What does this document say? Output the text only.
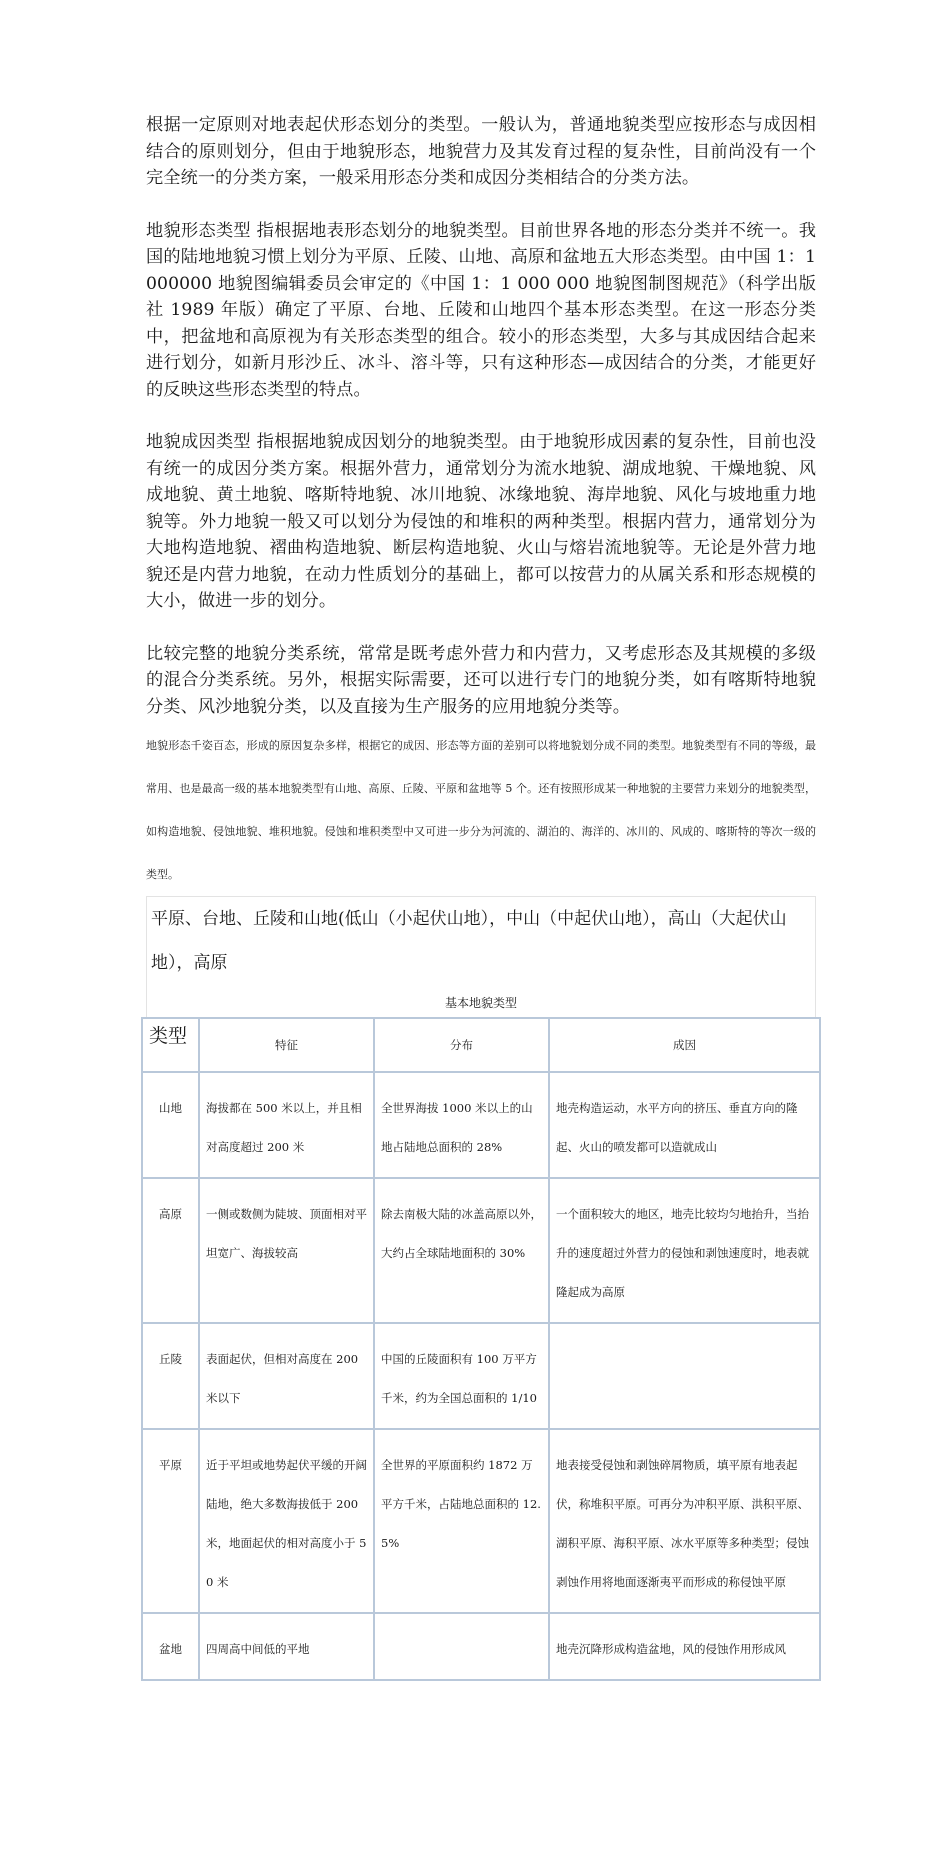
根据一定原则对地表起伏形态划分的类型。一般认为，普通地貌类型应按形态与成因相结合的原则划分，但由于地貌形态，地貌营力及其发育过程的复杂性，目前尚没有一个完全统一的分类方案，一般采用形态分类和成因分类相结合的分类方法。

地貌形态类型 指根据地表形态划分的地貌类型。目前世界各地的形态分类并不统一。我国的陆地地貌习惯上划分为平原、丘陵、山地、高原和盆地五大形态类型。由中国 1：1 000000 地貌图编辑委员会审定的《中国 1：1 000 000 地貌图制图规范》（科学出版社 1989 年版）确定了平原、台地、丘陵和山地四个基本形态类型。在这一形态分类中，把盆地和高原视为有关形态类型的组合。较小的形态类型，大多与其成因结合起来进行划分，如新月形沙丘、冰斗、溶斗等，只有这种形态—成因结合的分类，才能更好的反映这些形态类型的特点。

地貌成因类型 指根据地貌成因划分的地貌类型。由于地貌形成因素的复杂性，目前也没有统一的成因分类方案。根据外营力，通常划分为流水地貌、湖成地貌、干燥地貌、风成地貌、黄土地貌、喀斯特地貌、冰川地貌、冰缘地貌、海岸地貌、风化与坡地重力地貌等。外力地貌一般又可以划分为侵蚀的和堆积的两种类型。根据内营力，通常划分为大地构造地貌、褶曲构造地貌、断层构造地貌、火山与熔岩流地貌等。无论是外营力地貌还是内营力地貌，在动力性质划分的基础上，都可以按营力的从属关系和形态规模的大小，做进一步的划分。

比较完整的地貌分类系统，常常是既考虑外营力和内营力，又考虑形态及其规模的多级的混合分类系统。另外，根据实际需要，还可以进行专门的地貌分类，如有喀斯特地貌分类、风沙地貌分类，以及直接为生产服务的应用地貌分类等。

地貌形态千姿百态，形成的原因复杂多样，根据它的成因、形态等方面的差别可以将地貌划分成不同的类型。地貌类型有不同的等级，最常用、也是最高一级的基本地貌类型有山地、高原、丘陵、平原和盆地等 5 个。还有按照形成某一种地貌的主要营力来划分的地貌类型，如构造地貌、侵蚀地貌、堆积地貌。侵蚀和堆积类型中又可进一步分为河流的、湖泊的、海洋的、冰川的、风成的、喀斯特的等次一级的类型。

平原、台地、丘陵和山地(低山（小起伏山地），中山（中起伏山地），高山（大起伏山地），高原

基本地貌类型
类型	特征	分布	成因
山地	海拔都在 500 米以上，并且相对高度超过 200 米	全世界海拔 1000 米以上的山地占陆地总面积的 28%	地壳构造运动，水平方向的挤压、垂直方向的隆起、火山的喷发都可以造就成山
高原	一侧或数侧为陡坡、顶面相对平坦宽广、海拔较高	除去南极大陆的冰盖高原以外，大约占全球陆地面积的 30%	一个面积较大的地区，地壳比较均匀地抬升，当抬升的速度超过外营力的侵蚀和剥蚀速度时，地表就隆起成为高原
丘陵	表面起伏，但相对高度在 200 米以下	中国的丘陵面积有 100 万平方千米，约为全国总面积的 1/10	
平原	近于平坦或地势起伏平缓的开阔陆地，绝大多数海拔低于 200 米，地面起伏的相对高度小于 50 米	全世界的平原面积约 1872 万平方千米，占陆地总面积的 12.5%	地表接受侵蚀和剥蚀碎屑物质，填平原有地表起伏，称堆积平原。可再分为冲积平原、洪积平原、湖积平原、海积平原、冰水平原等多种类型；侵蚀剥蚀作用将地面逐渐夷平而形成的称侵蚀平原
盆地	四周高中间低的平地		地壳沉降形成构造盆地，风的侵蚀作用形成风
